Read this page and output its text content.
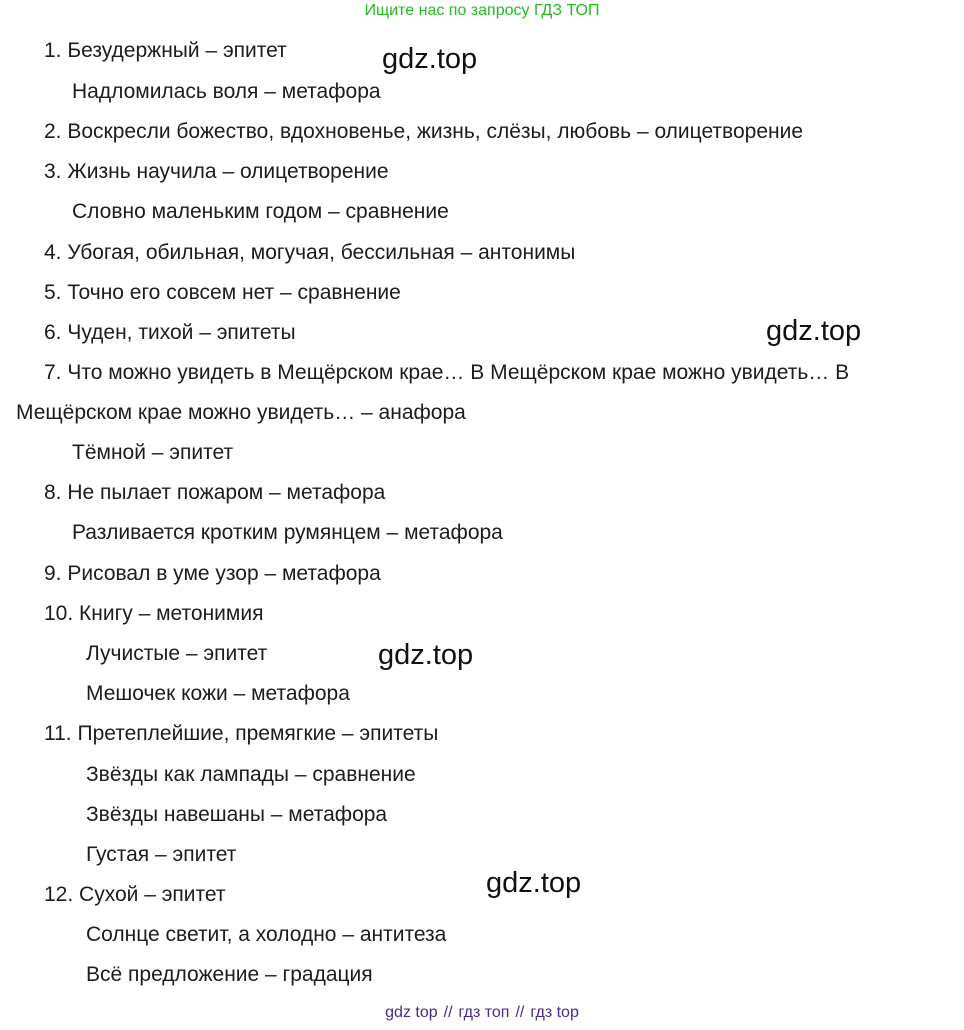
Ищите нас по запросу ГДЗ ТОП
1. Безудержный – эпитет
Надломилась воля – метафора
2. Воскресли божество, вдохновенье, жизнь, слёзы, любовь – олицетворение
3. Жизнь научила – олицетворение
Словно маленьким годом – сравнение
4. Убогая, обильная, могучая, бессильная – антонимы
5. Точно его совсем нет – сравнение
6. Чуден, тихой – эпитеты
7. Что можно увидеть в Мещёрском крае… В Мещёрском крае можно увидеть… В
Мещёрском крае можно увидеть… – анафора
Тёмной – эпитет
8. Не пылает пожаром – метафора
Разливается кротким румянцем – метафора
9. Рисовал в уме узор – метафора
10. Книгу – метонимия
Лучистые – эпитет
Мешочек кожи – метафора
11. Претеплейшие, премягкие – эпитеты
Звёзды как лампады – сравнение
Звёзды навешаны – метафора
Густая – эпитет
12. Сухой – эпитет
Солнце светит, а холодно – антитеза
Всё предложение – градация
gdz.top
gdz.top
gdz.top
gdz.top
gdz top // гдз топ // гдз top
